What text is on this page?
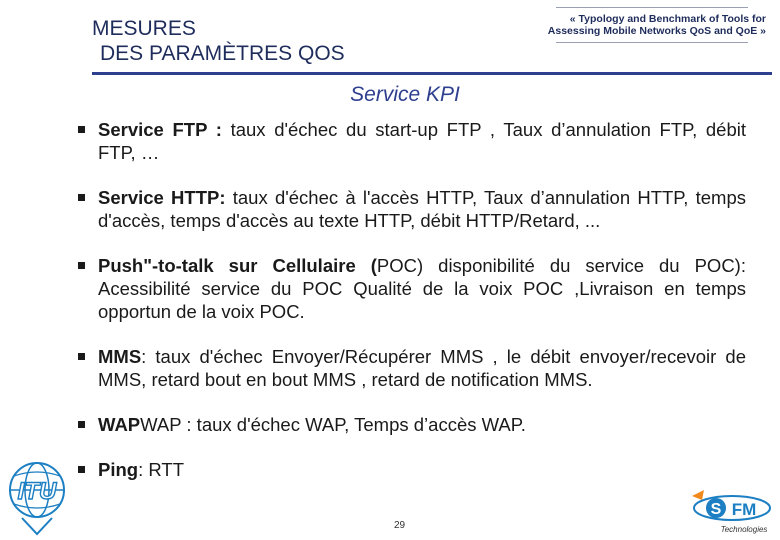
MESURES
DES PARAMÈTRES QOS
« Typology and Benchmark of Tools for
Assessing Mobile Networks QoS and QoE »
Service KPI
Service FTP : taux d'échec du start-up FTP , Taux d’annulation FTP, débit FTP, …
Service HTTP: taux d'échec à l'accès HTTP, Taux d’annulation HTTP, temps d'accès, temps d'accès au texte HTTP, débit HTTP/Retard, ...
Push"-to-talk sur Cellulaire (POC) disponibilité du service du POC): Acessibilité service du POC Qualité de la voix POC ,Livraison en temps opportun de la voix POC.
MMS: taux d'échec Envoyer/Récupérer MMS , le débit envoyer/recevoir de MMS, retard bout en bout MMS , retard de notification MMS.
WAPWAP : taux d'échec WAP, Temps d’accès WAP.
Ping: RTT
29
ITU
S FM
Technologies
